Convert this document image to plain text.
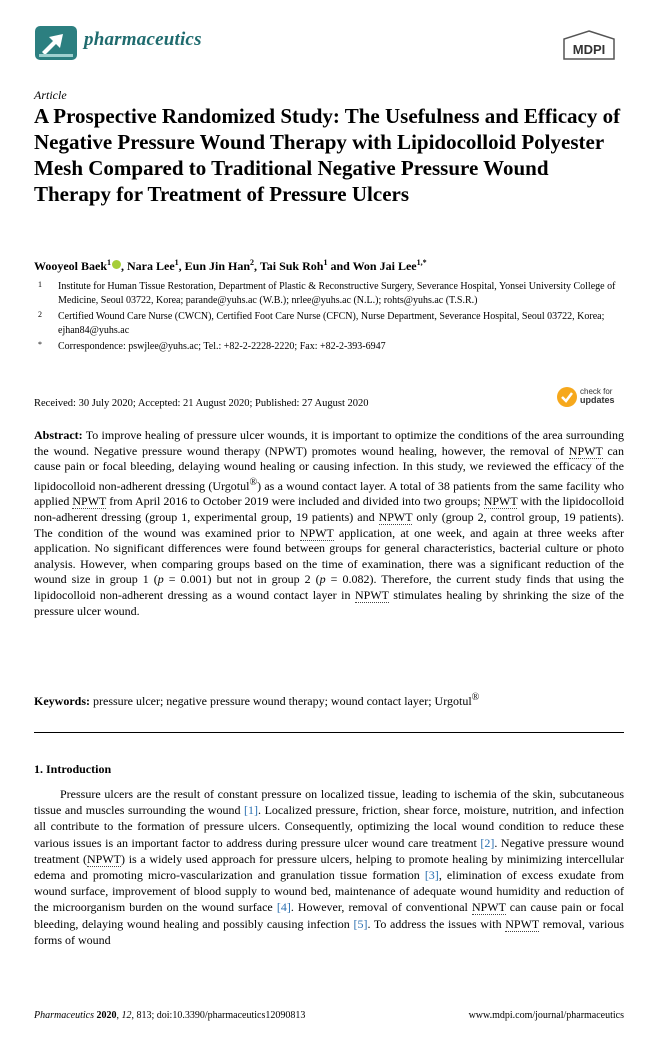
pharmaceutics	MDPI
Article
A Prospective Randomized Study: The Usefulness and Efficacy of Negative Pressure Wound Therapy with Lipidocolloid Polyester Mesh Compared to Traditional Negative Pressure Wound Therapy for Treatment of Pressure Ulcers
Wooyeol Baek$^1$ , Nara Lee$^1$, Eun Jin Han$^2$, Tai Suk Roh$^1$ and Won Jai Lee$^{1,*}$
1 Institute for Human Tissue Restoration, Department of Plastic & Reconstructive Surgery, Severance Hospital, Yonsei University College of Medicine, Seoul 03722, Korea; parande@yuhs.ac (W.B.); nrlee@yuhs.ac (N.L.); rohts@yuhs.ac (T.S.R.)
2 Certified Wound Care Nurse (CWCN), Certified Foot Care Nurse (CFCN), Nurse Department, Severance Hospital, Seoul 03722, Korea; ejhan84@yuhs.ac
* Correspondence: pswjlee@yuhs.ac; Tel.: +82-2-2228-2220; Fax: +82-2-393-6947
Received: 30 July 2020; Accepted: 21 August 2020; Published: 27 August 2020
check for
updates

Abstract: To improve healing of pressure ulcer wounds, it is important to optimize the conditions of the area surrounding the wound. Negative pressure wound therapy (NPWT) promotes wound healing, however, the removal of NPWT can cause pain or focal bleeding, delaying wound healing or causing infection. In this study, we reviewed the efficacy of the lipidocolloid non-adherent dressing (Urgotul®) as a wound contact layer. A total of 38 patients from the same facility who applied NPWT from April 2016 to October 2019 were included and divided into two groups; NPWT with the lipidocolloid non-adherent dressing (group 1, experimental group, 19 patients) and NPWT only (group 2, control group, 19 patients). The condition of the wound was examined prior to NPWT application, at one week, and again at three weeks after application. No significant differences were found between groups for general characteristics, bacterial culture or photo analysis. However, when comparing groups based on the time of examination, there was a significant reduction of the wound size in group 1 (p = 0.001) but not in group 2 (p = 0.082). Therefore, the current study finds that using the lipidocolloid non-adherent dressing as a wound contact layer in NPWT stimulates healing by shrinking the size of the pressure ulcer wound.

Keywords: pressure ulcer; negative pressure wound therapy; wound contact layer; Urgotul®

1. Introduction

Pressure ulcers are the result of constant pressure on localized tissue, leading to ischemia of the skin, subcutaneous tissue and muscles surrounding the wound [1]. Localized pressure, friction, shear force, moisture, nutrition, and infection all contribute to the formation of pressure ulcers. Consequently, optimizing the local wound condition to reduce these various issues is an important factor to address during pressure ulcer wound care treatment [2]. Negative pressure wound treatment (NPWT) is a widely used approach for pressure ulcers, helping to promote healing by minimizing intercellular edema and promoting micro-vascularization and granulation tissue formation [3], elimination of excess exudate from wound surface, improvement of blood supply to wound bed, maintenance of adequate wound humidity and reduction of the microorganism burden on the wound surface [4]. However, removal of conventional NPWT can cause pain or focal bleeding, delaying wound healing and possibly causing infection [5]. To address the issues with NPWT removal, various forms of wound

Pharmaceutics 2020, 12, 813; doi:10.3390/pharmaceutics12090813	www.mdpi.com/journal/pharmaceutics
